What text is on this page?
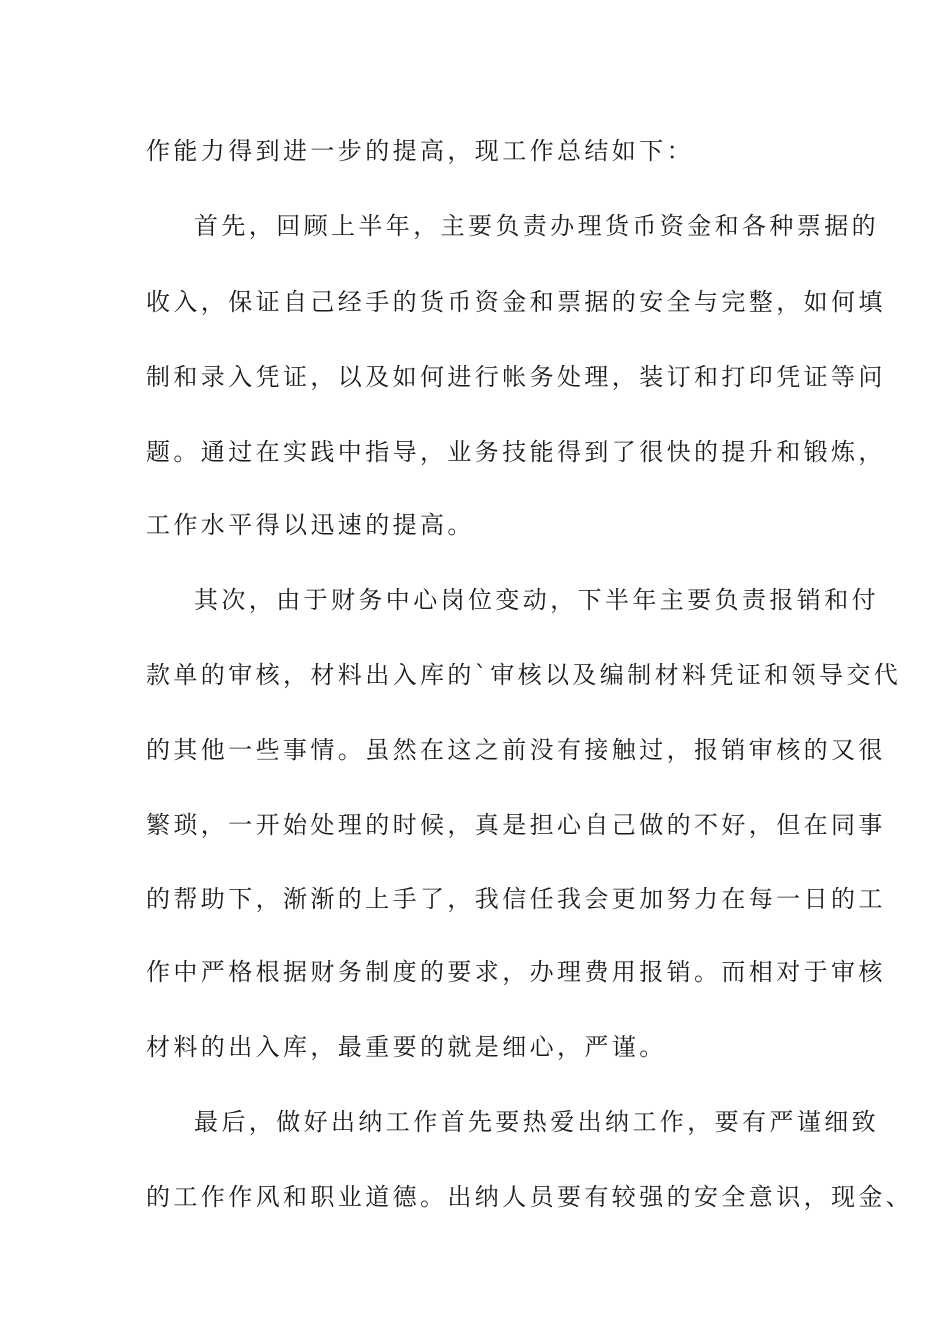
作能力得到进一步的提高，现工作总结如下：
首先，回顾上半年，主要负责办理货币资金和各种票据的
收入，保证自己经手的货币资金和票据的安全与完整，如何填
制和录入凭证，以及如何进行帐务处理，装订和打印凭证等问
题。通过在实践中指导，业务技能得到了很快的提升和锻炼，
工作水平得以迅速的提高。
其次，由于财务中心岗位变动，下半年主要负责报销和付
款单的审核，材料出入库的`审核以及编制材料凭证和领导交代
的其他一些事情。虽然在这之前没有接触过，报销审核的又很
繁琐，一开始处理的时候，真是担心自己做的不好，但在同事
的帮助下，渐渐的上手了，我信任我会更加努力在每一日的工
作中严格根据财务制度的要求，办理费用报销。而相对于审核
材料的出入库，最重要的就是细心，严谨。
最后，做好出纳工作首先要热爱出纳工作，要有严谨细致
的工作作风和职业道德。出纳人员要有较强的安全意识，现金、
